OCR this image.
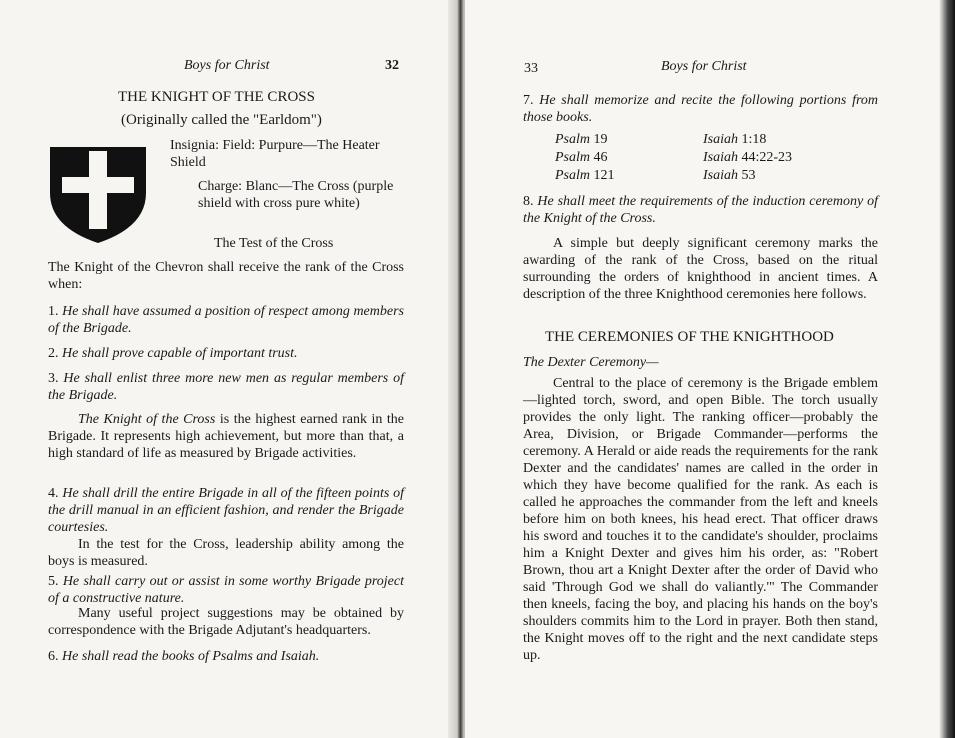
Boys for Christ	32
THE KNIGHT OF THE CROSS
(Originally called the "Earldom")
Insignia: Field: Purpure—The Heater Shield
Charge: Blanc—The Cross (purple shield with cross pure white)
The Test of the Cross
The Knight of the Chevron shall receive the rank of the Cross when:
1. He shall have assumed a position of respect among members of the Brigade.
2. He shall prove capable of important trust.
3. He shall enlist three more new men as regular members of the Brigade.
The Knight of the Cross is the highest earned rank in the Brigade. It represents high achievement, but more than that, a high standard of life as measured by Brigade activities.
4. He shall drill the entire Brigade in all of the fifteen points of the drill manual in an efficient fashion, and render the Brigade courtesies.
In the test for the Cross, leadership ability among the boys is measured.
5. He shall carry out or assist in some worthy Brigade project of a constructive nature.
Many useful project suggestions may be obtained by correspondence with the Brigade Adjutant's headquarters.
6. He shall read the books of Psalms and Isaiah.
33	Boys for Christ
7. He shall memorize and recite the following portions from those books.
Psalm 19	Isaiah 1:18
Psalm 46	Isaiah 44:22-23
Psalm 121	Isaiah 53
8. He shall meet the requirements of the induction ceremony of the Knight of the Cross.
A simple but deeply significant ceremony marks the awarding of the rank of the Cross, based on the ritual surrounding the orders of knighthood in ancient times. A description of the three Knighthood ceremonies here follows.
THE CEREMONIES OF THE KNIGHTHOOD
The Dexter Ceremony—
Central to the place of ceremony is the Brigade emblem—lighted torch, sword, and open Bible. The torch usually provides the only light. The ranking officer—probably the Area, Division, or Brigade Commander—performs the ceremony. A Herald or aide reads the requirements for the rank Dexter and the candidates' names are called in the order in which they have become qualified for the rank. As each is called he approaches the commander from the left and kneels before him on both knees, his head erect. That officer draws his sword and touches it to the candidate's shoulder, proclaims him a Knight Dexter and gives him his order, as: "Robert Brown, thou art a Knight Dexter after the order of David who said 'Through God we shall do valiantly.'" The Commander then kneels, facing the boy, and placing his hands on the boy's shoulders commits him to the Lord in prayer. Both then stand, the Knight moves off to the right and the next candidate steps up.
